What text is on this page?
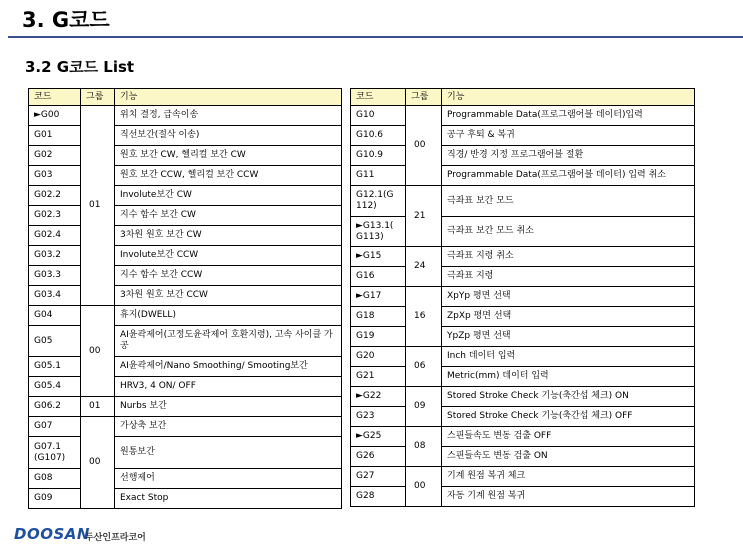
3. G코드
3.2 G코드 List
코드	그룹	기능
►G00	01	위치 결정, 급속이송
G01		직선보간(절삭 이송)
G02		원호 보간 CW, 헬리컬 보간 CW
G03		원호 보간 CCW, 헬리컬 보간 CCW
G02.2		Involute보간 CW
G02.3		지수 함수 보간 CW
G02.4		3차원 원호 보간 CW
G03.2		Involute보간 CCW
G03.3		지수 함수 보간 CCW
G03.4		3차원 원호 보간 CCW
G04	00	휴지(DWELL)
G05		AI윤곽제어(고정도윤곽제어 호환지령), 고속 사이클 가공
G05.1		AI윤곽제어/Nano Smoothing/ Smooting보간
G05.4		HRV3, 4 ON/ OFF
G06.2	01	Nurbs 보간
G07	00	가상축 보간
G07.1 (G107)		원통보간
G08		선행제어
G09		Exact Stop
코드	그룹	기능
G10	00	Programmable Data(프로그램어블 데이터)입력
G10.6		공구 후퇴 & 복귀
G10.9		직경/ 반경 지정 프로그램어블 절환
G11		Programmable Data(프로그램어블 데이터) 입력 취소
G12.1(G 112)	21	극좌표 보간 모드
►G13.1( G113)		극좌표 보간 모드 취소
►G15	24	극좌표 지령 취소
G16		극좌표 지령
►G17	16	XpYp 평면 선택
G18		ZpXp 평면 선택
G19		YpZp 평면 선택
G20	06	Inch 데이터 입력
G21		Metric(mm) 데이터 입력
►G22	09	Stored Stroke Check 기능(축간섭 체크) ON
G23		Stored Stroke Check 기능(축간섭 체크) OFF
►G25	08	스핀들속도 변동 검출 OFF
G26		스핀들속도 변동 검출 ON
G27	00	기계 원점 복귀 체크
G28		자동 기계 원점 복귀
DOOSAN
두산인프라코어
